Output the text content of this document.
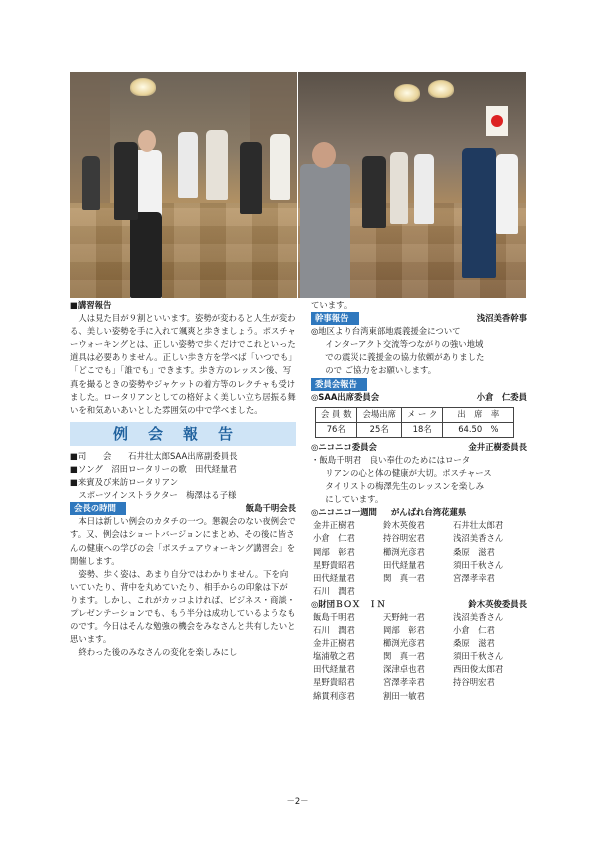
■講習報告

人は見た目が９割といいます。姿勢が変わると人生が変わる、美しい姿勢を手に入れて颯爽と歩きましょう。ポスチャーウォーキングとは、正しい姿勢で歩くだけでこれといった道具は必要ありません。正しい歩き方を学べば「いつでも」「どこでも」「誰でも」できます。歩き方のレッスン後、写真を撮るときの姿勢やジャケットの着方等のレクチャも受けました。ロータリアンとしての格好よく美しい立ち居振る舞いを和気あいあいとした雰囲気の中で学べました。

例会報告
■司　　会　　石井壮太郎SAA出席副委員長
■ソング　沼田ロータリーの歌　田代経量君
■来賓及び来訪ロータリアン
スポーツインストラクター　梅澤はる子様
会長の時間	飯島千明会長

本日は新しい例会のカタチの一つ。懇親会のない夜例会です。又、例会はショートバージョンにまとめ、その後に皆さんの健康への学びの会「ポスチュアウォーキング講習会」を開催します。

姿勢、歩く姿は、あまり自分ではわかりません。下を向いていたり、背中を丸めていたり、相手からの印象は下がります。しかし、これがカッコよければ、ビジネス・商談・プレゼンテーションでも、もう半分は成功しているようなものです。今日はそんな勉強の機会をみなさんと共有したいと思います。

終わった後のみなさんの変化を楽しみにし

ています。
幹事報告	浅沼美香幹事
◎地区より台湾東部地震義援金について
インターアクト交流等つながりの強い地域
での震災に義援金の協力依頼がありました
ので ご協力をお願いします。
委員会報告
◎SAA出席委員会	小倉　仁委員
会 員 数	会場出席	メ ー ク	出　席　率
76名	25名	18名	64.50　%
◎ニコニコ委員会	金井正樹委員長
・飯島千明君　良い奉仕のためにはロータ
リアンの心と体の健康が大切。ポスチャース
タイリストの梅澤先生のレッスンを楽しみ
にしています。
◎ニコニコ一週間 がんばれ台湾花蓮県
金井正樹君	鈴木英俊君	石井壮太郎君
小倉　仁君	持谷明宏君	浅沼美香さん
岡部　彰君	櫛渕光彦君	桑原　滋君
星野貴昭君	田代経量君	須田千秋さん
田代経量君	関　真一君	宮澤孝幸君
石川　潤君
◎財団ＢＯＸ　ＩＮ	鈴木英俊委員長
飯島千明君	天野純一君	浅沼美香さん
石川　潤君	岡部　彰君	小倉　仁君
金井正樹君	櫛渕光彦君	桑原　滋君
塩浦敬之君	関　真一君	須田千秋さん
田代経量君	深津卓也君	西田俊太郎君
星野貴昭君	宮澤孝幸君	持谷明宏君
綿貫利彦君	割田一敏君
－2－
